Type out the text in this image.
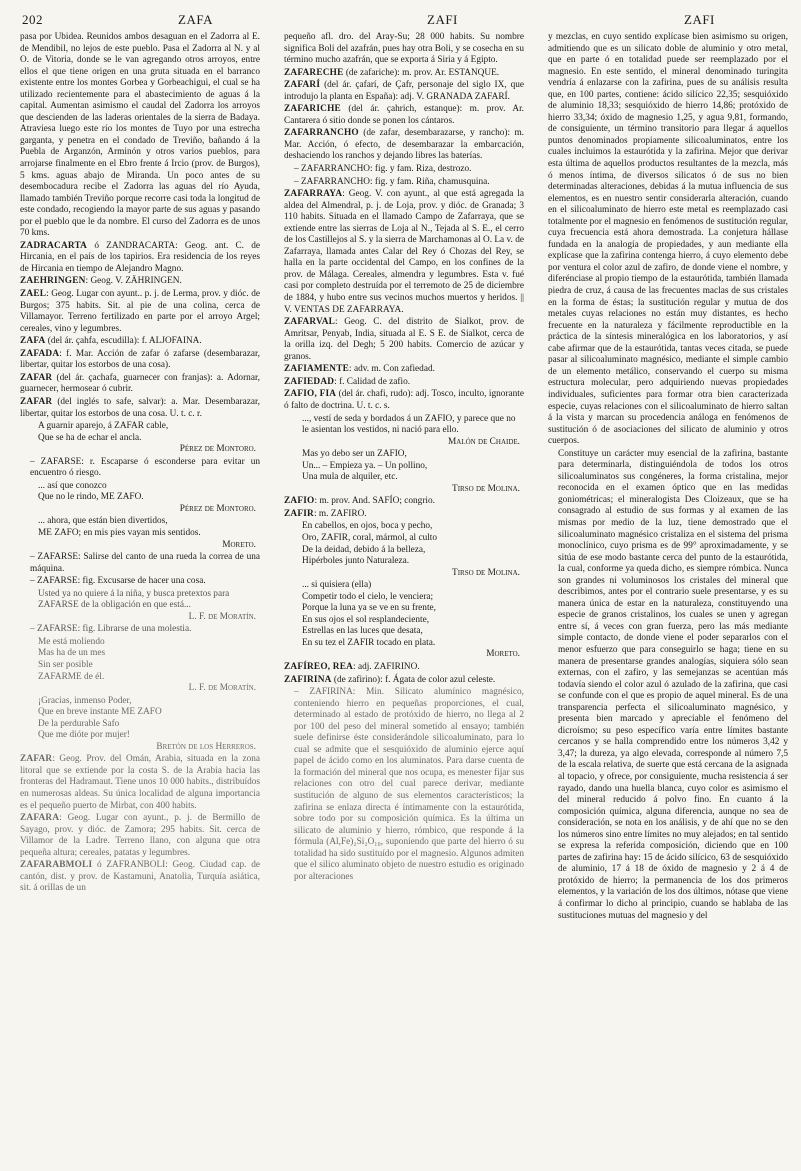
202	ZAFA	ZAFI	ZAFI

pasa por Ubidea. Reunidos ambos desaguan en el Zadorra al E. de Mendibil, no lejos de este pueblo. Pasa el Zadorra al N. y al O. de Vitoria, donde se le van agregando otros arroyos, entre ellos el que tiene origen en una gruta situada en el barranco existente entre los montes Gorbea y Gorbeachigui, el cual se ha utilizado recientemente para el abastecimiento de aguas á la capital. Aumentan asimismo el caudal del Zadorra los arroyos que descienden de las laderas orientales de la sierra de Badaya. Atraviesa luego este río los montes de Tuyo por una estrecha garganta, y penetra en el condado de Treviño, bañando á la Puebla de Arganzón, Arminón y otros varios pueblos, para arrojarse finalmente en el Ebro frente á Ircio (prov. de Burgos), 5 kms. aguas abajo de Miranda. Un poco antes de su desembocadura recibe el Zadorra las aguas del río Ayuda, llamado también Treviño porque recorre casi toda la longitud de este condado, recogiendo la mayor parte de sus aguas y pasando por el pueblo que le da nombre. El curso del Zadorra es de unos 70 kms.

ZADRACARTA ó ZANDRACARTA: Geog. ant. C. de Hircania, en el país de los tapirios. Era residencia de los reyes de Hircania en tiempo de Alejandro Magno.

ZAEHRINGEN: Geog. V. ZÄHRINGEN.

ZAEL: Geog. Lugar con ayunt.. p. j. de Lerma, prov. y dióc. de Burgos; 375 habits. Sit. al pie de una colina, cerca de Villamayor. Terreno fertilizado en parte por el arroyo Argel; cereales, vino y legumbres.

ZAFA (del ár. çahfa, escudilla): f. ALJOFAINA.

ZAFADA: f. Mar. Acción de zafar ó zafarse (desembarazar, libertar, quitar los estorbos de una cosa).

ZAFAR (del ár. çachafa, guarnecer con franjas): a. Adornar, guarnecer, hermosear ó cubrir.

ZAFAR (del inglés to safe, salvar): a. Mar. Desembarazar, libertar, quitar los estorbos de una cosa. U. t. c. r.

A guarnir aparejo, á ZAFAR cable,
Que se ha de echar el ancla.
Pérez de Montoro.

– ZAFARSE: r. Escaparse ó esconderse para evitar un encuentro ó riesgo.

... así que conozco
Que no le rindo, ME ZAFO.
Pérez de Montoro.
... ahora, que están bien divertidos,
ME ZAFO; en mis pies vayan mis sentidos.
Moreto.

– ZAFARSE: Salirse del canto de una rueda la correa de una máquina.

– ZAFARSE: fig. Excusarse de hacer una cosa.

Usted ya no quiere á la niña, y busca pretextos para ZAFARSE de la obligación en que está...
L. F. de Moratín.

– ZAFARSE: fig. Librarse de una molestia.

Me está moliendo
Mas ha de un mes
Sin ser posible
ZAFARME de él.
L. F. de Moratín.
¡Gracias, inmenso Poder,
Que en breve instante ME ZAFO
De la perdurable Safo
Que me dióte por mujer!
Bretón de los Herreros.

ZAFAR: Geog. Prov. del Omán, Arabia, situada en la zona litoral que se extiende por la costa S. de la Arabia hacia las fronteras del Hadramaut. Tiene unos 10 000 habits., distribuídos en numerosas aldeas. Su única localidad de alguna importancia es el pequeño puerto de Mirbat, con 400 habits.

ZAFARA: Geog. Lugar con ayunt., p. j. de Bermillo de Sayago, prov. y dióc. de Zamora; 295 habits. Sit. cerca de Villamor de la Ladre. Terreno llano, con alguna que otra pequeña altura; cereales, patatas y legumbres.

ZAFARABMOLI ó ZAFRANBOLI: Geog. Ciudad cap. de cantón, dist. y prov. de Kastamuni, Anatolia, Turquía asiática, sit. á orillas de un

pequeño afl. dro. del Aray-Su; 28 000 habits. Su nombre significa Boli del azafrán, pues hay otra Boli, y se cosecha en su término mucho azafrán, que se exporta á Siria y á Egipto.

ZAFARECHE (de zafariche): m. prov. Ar. ESTANQUE.

ZAFARÍ (del ár. çafarí, de Çafr, personaje del siglo IX, que introdujo la planta en España): adj. V. GRANADA ZAFARÍ.

ZAFARICHE (del ár. çahrich, estanque): m. prov. Ar. Cantarera ó sitio donde se ponen los cántaros.

ZAFARRANCHO (de zafar, desembarazarse, y rancho): m. Mar. Acción, ó efecto, de desembarazar la embarcación, deshaciendo los ranchos y dejando libres las baterías.

– ZAFARRANCHO: fig. y fam. Riza, destrozo.

– ZAFARRANCHO: fig. y fam. Riña, chamusquina.

ZAFARRAYA: Geog. V. con ayunt., al que está agregada la aldea del Almendral, p. j. de Loja, prov. y dióc. de Granada; 3 110 habits. Situada en el llamado Campo de Zafarraya, que se extiende entre las sierras de Loja al N., Tejada al S. E., el cerro de los Castillejos al S. y la sierra de Marchamonas al O. La v. de Zafarraya, llamada antes Calar del Rey ó Chozas del Rey, se halla en la parte occidental del Campo, en los confines de la prov. de Málaga. Cereales, almendra y legumbres. Esta v. fué casi por completo destruída por el terremoto de 25 de diciembre de 1884, y hubo entre sus vecinos muchos muertos y heridos. || V. VENTAS DE ZAFARRAYA.

ZAFARVAL: Geog. C. del distrito de Sialkot, prov. de Amritsar, Penyab, India, situada al E. S E. de Sialkot, cerca de la orilla izq. del Degh; 5 200 habits. Comercio de azúcar y granos.

ZAFIAMENTE: adv. m. Con zafiedad.

ZAFIEDAD: f. Calidad de zafio.

ZAFIO, FIA (del ár. chafi, rudo): adj. Tosco, inculto, ignorante ó falto de doctrina. U. t. c. s.

..., vestí de seda y bordados á un ZAFIO, y parece que no le asientan los vestidos, ni nació para ello.
Malón de Chaide.
Mas yo debo ser un ZAFIO,
Un... – Empieza ya. – Un pollino,
Una mula de alquiler, etc.
Tirso de Molina.

ZAFIO: m. prov. And. SAFÍO; congrio.

ZAFIR: m. ZAFIRO.

En cabellos, en ojos, boca y pecho,
Oro, ZAFIR, coral, mármol, al culto
De la deidad, debido á la belleza,
Hipérboles junto Naturaleza.
Tirso de Molina.
... si quisiera (ella)
Competir todo el cielo, le venciera;
Porque la luna ya se ve en su frente,
En sus ojos el sol resplandeciente,
Estrellas en las luces que desata,
En su tez el ZAFIR tocado en plata.
Moreto.

ZAFÍREO, REA: adj. ZAFIRINO.

ZAFIRINA (de zafirino): f. Ágata de color azul celeste.

– ZAFIRINA: Min. Silicato alumínico magnésico, conteniendo hierro en pequeñas proporciones, el cual, determinado al estado de protóxido de hierro, no llega al 2 por 100 del peso del mineral sometido al ensayo; también suele definirse éste considerándole silicoaluminato, para lo cual se admite que el sesquióxido de aluminio ejerce aquí papel de ácido como en los aluminatos. Para darse cuenta de la formación del mineral que nos ocupa, es menester fijar sus relaciones con otro del cual parece derivar, mediante sustitución de alguno de sus elementos característicos; la zafirina se enlaza directa é íntimamente con la estaurótida, sobre todo por su composición química. Es la última un silicato de aluminio y hierro, rómbico, que responde á la fórmula (Al,Fe)₂Si₂O₁₀, suponiendo que parte del hierro ó su totalidad ha sido sustituído por el magnesio. Algunos admiten que el silico aluminato objeto de nuestro estudio es originado por alteraciones

y mezclas, en cuyo sentido explícase bien asimismo su origen, admitiendo que es un silicato doble de aluminio y otro metal, que en parte ó en totalidad puede ser reemplazado por el magnesio. En este sentido, el mineral denominado turingita vendría á enlazarse con la zafirina, pues de su análisis resulta que, en 100 partes, contiene: ácido silícico 22,35; sesquióxido de aluminio 18,33; sesquióxido de hierro 14,86; protóxido de hierro 33,34; óxido de magnesio 1,25, y agua 9,81, formando, de consiguiente, un término transitorio para llegar á aquellos puntos denominados propiamente silicoaluminatos, entre los cuales incluimos la estaurótida y la zafirina. Mejor que derivar esta última de aquellos productos resultantes de la mezcla, más ó menos íntima, de diversos silicatos ó de sus no bien determinadas alteraciones, debidas á la mutua influencia de sus elementos, es en nuestro sentir considerarla alteración, cuando en el silicoaluminato de hierro este metal es reemplazado casi totalmente por el magnesio en fenómenos de sustitución regular, cuya frecuencia está ahora demostrada. La conjetura hállase fundada en la analogía de propiedades, y aun mediante ella explícase que la zafirina contenga hierro, á cuyo elemento debe por ventura el color azul de zafiro, de donde viene el nombre, y diferénciase al propio tiempo de la estaurótida, también llamada piedra de cruz, á causa de las frecuentes maclas de sus cristales en la forma de éstas; la sustitución regular y mutua de dos metales cuyas relaciones no están muy distantes, es hecho frecuente en la naturaleza y fácilmente reproductible en la práctica de la síntesis mineralógica en los laboratorios, y así cabe afirmar que de la estaurótida, tantas veces citada, se puede pasar al silicoaluminato magnésico, mediante el simple cambio de un elemento metálico, conservando el cuerpo su misma estructura molecular, pero adquiriendo nuevas propiedades individuales, suficientes para formar otra bien caracterizada especie, cuyas relaciones con el silicoaluminato de hierro saltan á la vista y marcan su procedencia análoga en fenómenos de sustitución ó de asociaciones del silicato de aluminio y otros cuerpos.

Constituye un carácter muy esencial de la zafirina, bastante para determinarla, distinguiéndola de todos los otros silicoaluminatos sus congéneres, la forma cristalina, mejor reconocida en el examen óptico que en las medidas goniométricas; el mineralogista Des Cloizeaux, que se ha consagrado al estudio de sus formas y al examen de las mismas por medio de la luz, tiene demostrado que el silicoaluminato magnésico cristaliza en el sistema del prisma monoclínico, cuyo prisma es de 99° aproximadamente, y se sitúa de ese modo bastante cerca del punto de la estaurótida, la cual, conforme ya queda dicho, es siempre rómbica. Nunca son grandes ni voluminosos los cristales del mineral que describimos, antes por el contrario suele presentarse, y es su manera única de estar en la naturaleza, constituyendo una especie de granos cristalinos, los cuales se unen y agregan entre sí, á veces con gran fuerza, pero las más mediante simple contacto, de donde viene el poder separarlos con el menor esfuerzo que para conseguirlo se haga; tiene en su manera de presentarse grandes analogías, siquiera sólo sean externas, con el zafiro, y las semejanzas se acentúan más todavía siendo el color azul ó azulado de la zafirina, que casi se confunde con el que es propio de aquel mineral. Es de una transparencia perfecta el silicoaluminato magnésico, y presenta bien marcado y apreciable el fenómeno del dicroísmo; su peso específico varía entre límites bastante cercanos y se halla comprendido entre los números 3,42 y 3,47; la dureza, ya algo elevada, corresponde al número 7,5 de la escala relativa, de suerte que está cercana de la asignada al topacio, y ofrece, por consiguiente, mucha resistencia á ser rayado, dando una huella blanca, cuyo color es asimismo el del mineral reducido á polvo fino. En cuanto á la composición química, alguna diferencia, aunque no sea de consideración, se nota en los análisis, y de ahí que no se den los números sino entre límites no muy alejados; en tal sentido se expresa la referida composición, diciendo que en 100 partes de zafirina hay: 15 de ácido silícico, 63 de sesquióxido de aluminio, 17 á 18 de óxido de magnesio y 2 á 4 de protóxido de hierro; la permanencia de los dos primeros elementos, y la variación de los dos últimos, nótase que viene á confirmar lo dicho al principio, cuando se hablaba de las sustituciones mutuas del magnesio y del
